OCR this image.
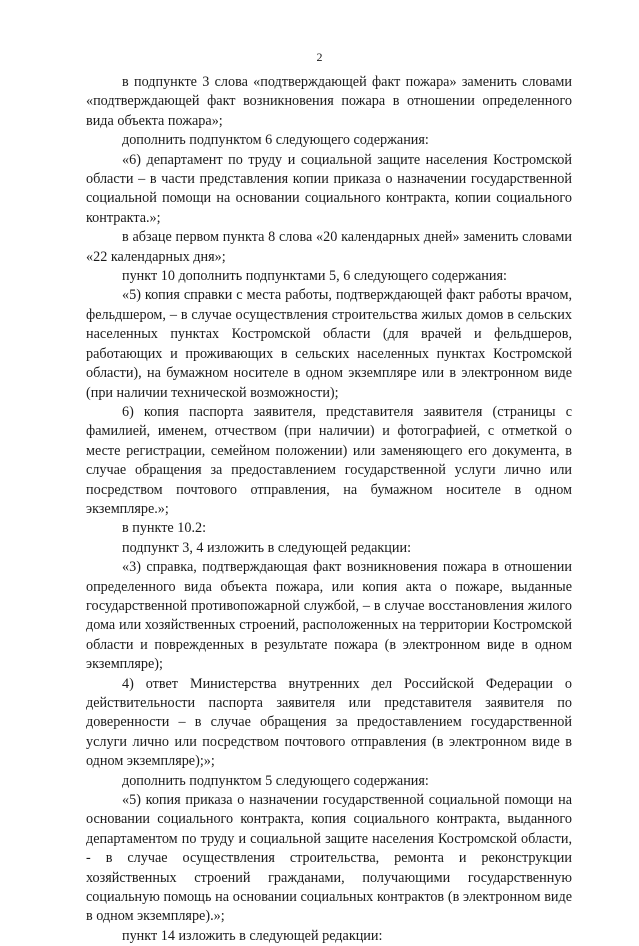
2

в подпункте 3 слова «подтверждающей факт пожара» заменить словами «подтверждающей факт возникновения пожара в отношении определенного вида объекта пожара»;

дополнить подпунктом 6 следующего содержания:

«6) департамент по труду и социальной защите населения Костромской области – в части представления копии приказа о назначении государственной социальной помощи на основании социального контракта, копии социального контракта.»;

в абзаце первом пункта 8 слова «20 календарных дней» заменить словами «22 календарных дня»;

пункт 10 дополнить подпунктами 5, 6 следующего содержания:

«5) копия справки с места работы, подтверждающей факт работы врачом, фельдшером, – в случае осуществления строительства жилых домов в сельских населенных пунктах Костромской области (для врачей и фельдшеров, работающих и проживающих в сельских населенных пунктах Костромской области), на бумажном носителе в одном экземпляре или в электронном виде (при наличии технической возможности);

6) копия паспорта заявителя, представителя заявителя (страницы с фамилией, именем, отчеством (при наличии) и фотографией, с отметкой о месте регистрации, семейном положении) или заменяющего его документа, в случае обращения за предоставлением государственной услуги лично или посредством почтового отправления, на бумажном носителе в одном экземпляре.»;

в пункте 10.2:

подпункт 3, 4 изложить в следующей редакции:

«3) справка, подтверждающая факт возникновения пожара в отношении определенного вида объекта пожара, или копия акта о пожаре, выданные государственной противопожарной службой, – в случае восстановления жилого дома или хозяйственных строений, расположенных на территории Костромской области и поврежденных в результате пожара (в электронном виде в одном экземпляре);

4) ответ Министерства внутренних дел Российской Федерации о действительности паспорта заявителя или представителя заявителя по доверенности – в случае обращения за предоставлением государственной услуги лично или посредством почтового отправления (в электронном виде в одном экземпляре);»;

дополнить подпунктом 5 следующего содержания:

«5) копия приказа о назначении государственной социальной помощи на основании социального контракта, копия социального контракта, выданного департаментом по труду и социальной защите населения Костромской области, - в случае осуществления строительства, ремонта и реконструкции хозяйственных строений гражданами, получающими государственную социальную помощь на основании социальных контрактов (в электронном виде в одном экземпляре).»;

пункт 14 изложить в следующей редакции:
